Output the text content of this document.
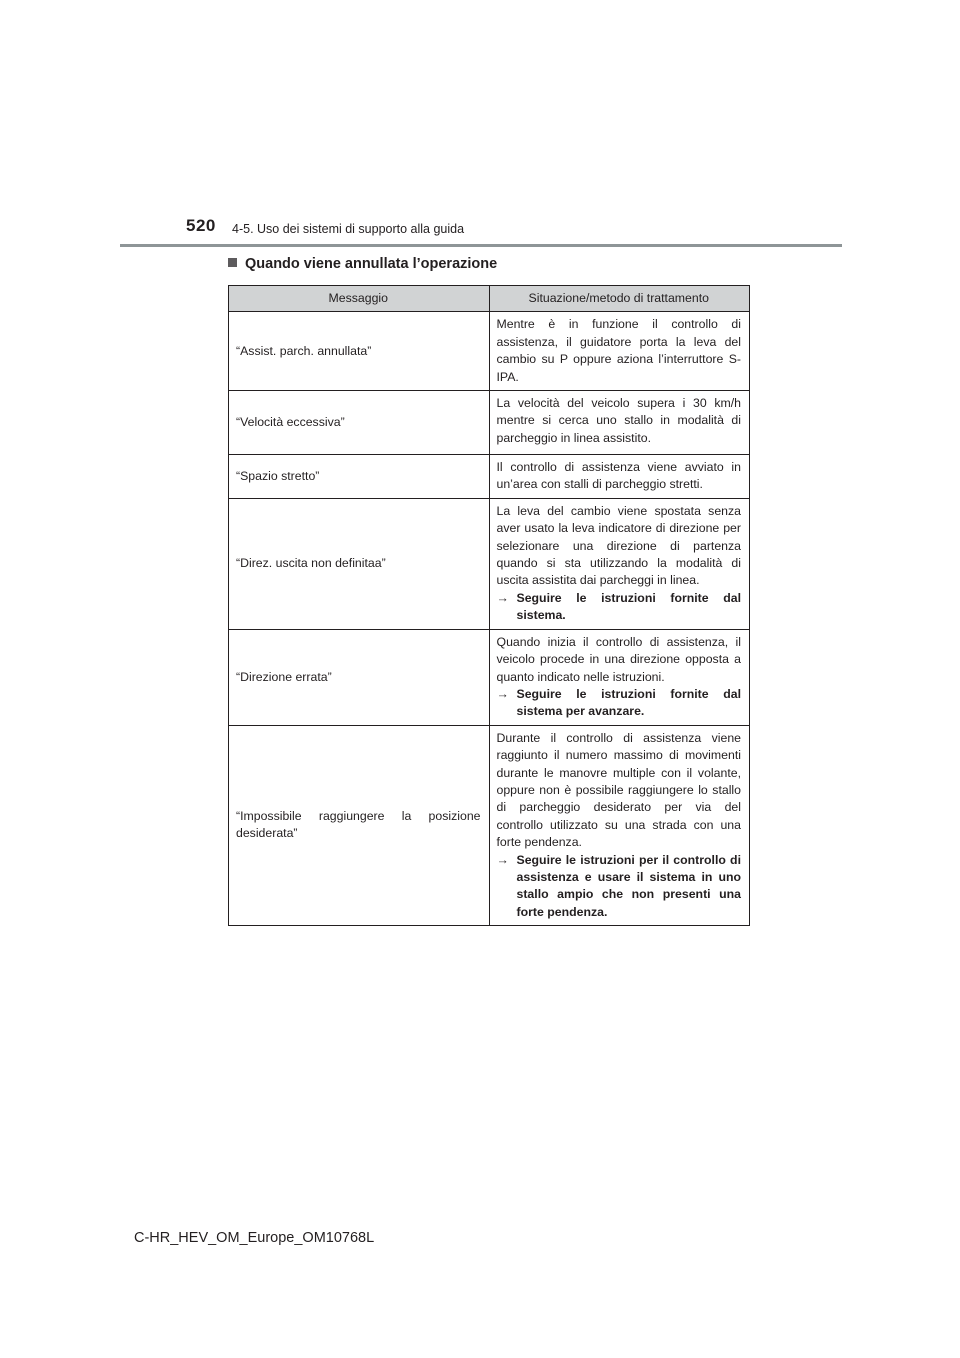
520 4-5. Uso dei sistemi di supporto alla guida
Quando viene annullata l’operazione
Messaggio	Situazione/metodo di trattamento
“Assist. parch. annullata”	Mentre è in funzione il controllo di assistenza, il guidatore porta la leva del cambio su P oppure aziona l’interruttore S-IPA.

“Velocità eccessiva”	La velocità del veicolo supera i 30 km/h mentre si cerca uno stallo in modalità di parcheggio in linea assistito.

“Spazio stretto”	Il controllo di assistenza viene avviato in un’area con stalli di parcheggio stretti.

“Direz. uscita non definitaa”	La leva del cambio viene spostata senza aver usato la leva indicatore di direzione per selezionare una direzione di partenza quando si sta utilizzando la modalità di uscita assistita dai parcheggi in linea.
→ Seguire le istruzioni fornite dal sistema.

“Direzione errata”	Quando inizia il controllo di assistenza, il veicolo procede in una direzione opposta a quanto indicato nelle istruzioni.
→ Seguire le istruzioni fornite dal sistema per avanzare.

“Impossibile raggiungere la posizione desiderata”	Durante il controllo di assistenza viene raggiunto il numero massimo di movimenti durante le manovre multiple con il volante, oppure non è possibile raggiungere lo stallo di parcheggio desiderato per via del controllo utilizzato su una strada con una forte pendenza.
→ Seguire le istruzioni per il controllo di assistenza e usare il sistema in uno stallo ampio che non presenti una forte pendenza.
C-HR_HEV_OM_Europe_OM10768L
